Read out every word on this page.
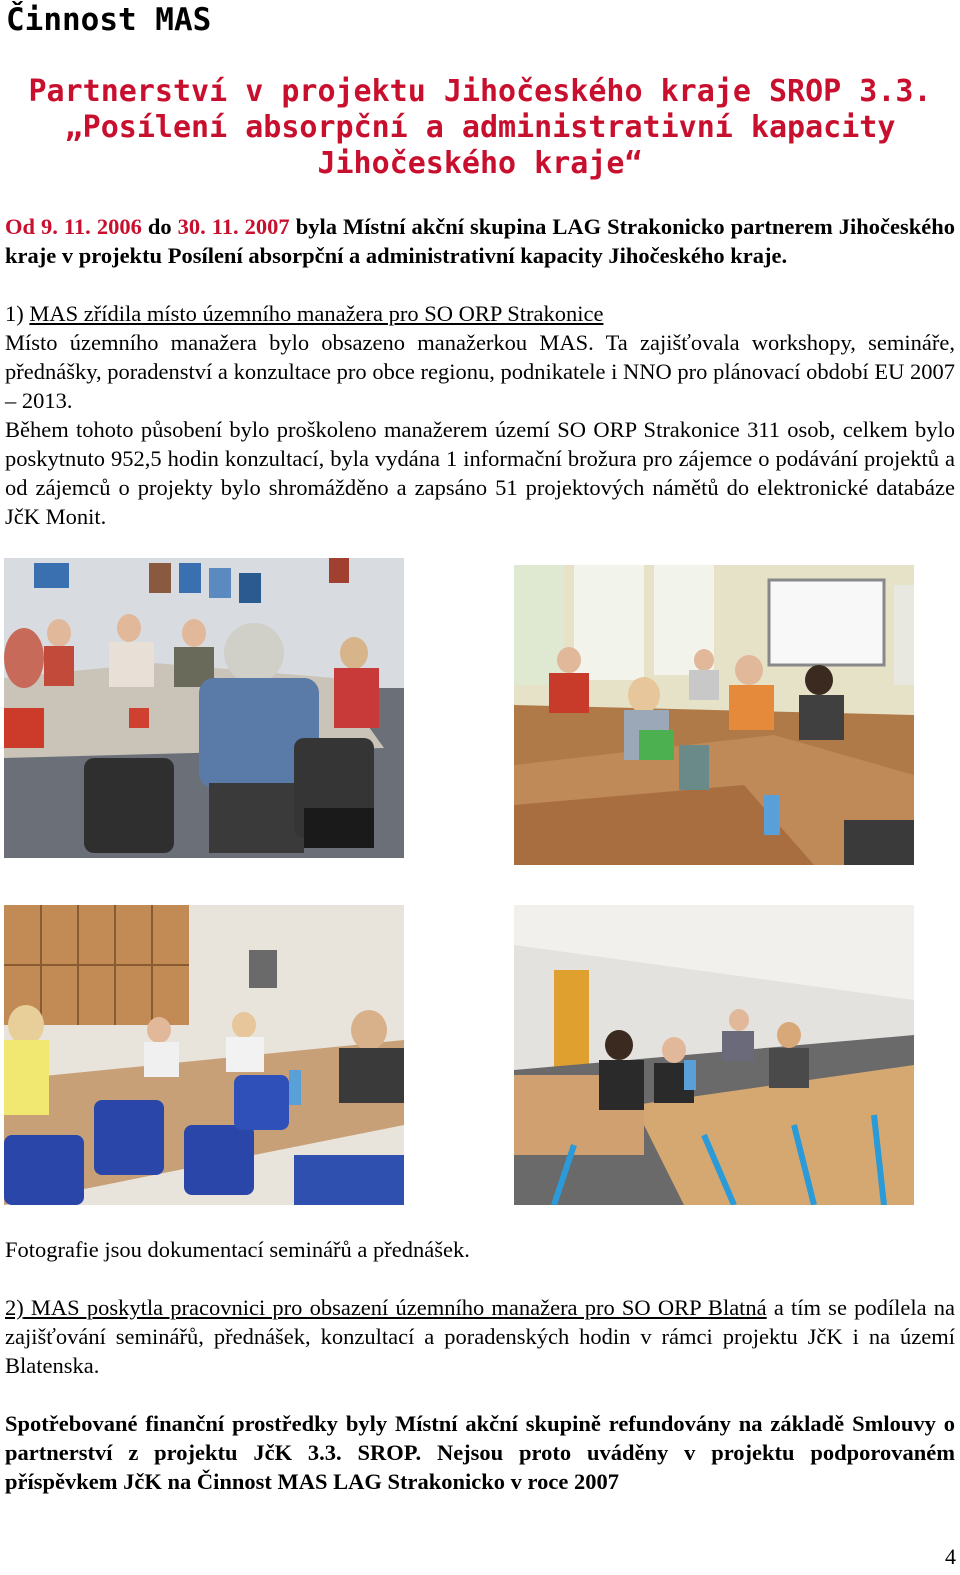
Činnost MAS
Partnerství v projektu Jihočeského kraje SROP 3.3.
„Posílení absorpční a administrativní kapacity
Jihočeského kraje“
Od 9. 11. 2006 do 30. 11. 2007 byla Místní akční skupina LAG Strakonicko partnerem Jihočeského kraje v projektu Posílení absorpční a administrativní kapacity Jihočeského kraje.
1) MAS zřídila místo územního manažera pro SO ORP Strakonice
Místo územního manažera bylo obsazeno manažerkou MAS. Ta zajišťovala workshopy, semináře, přednášky, poradenství a konzultace pro obce regionu, podnikatele i NNO pro plánovací období EU 2007 – 2013.
Během tohoto působení bylo proškoleno manažerem území SO ORP Strakonice 311 osob, celkem bylo poskytnuto 952,5 hodin konzultací, byla vydána 1 informační brožura pro zájemce o podávání projektů a od zájemců o projekty bylo shromážděno a zapsáno 51 projektových námětů do elektronické databáze JčK Monit.
Fotografie jsou dokumentací seminářů a přednášek.
2) MAS poskytla pracovnici pro obsazení územního manažera pro SO ORP Blatná a tím se podílela na zajišťování seminářů, přednášek, konzultací a poradenských hodin v rámci projektu JčK i na území Blatenska.
Spotřebované finanční prostředky byly Místní akční skupině refundovány na základě Smlouvy o partnerství z projektu JčK 3.3. SROP. Nejsou proto uváděny v projektu podporovaném příspěvkem JčK na Činnost MAS LAG Strakonicko v roce 2007
4
